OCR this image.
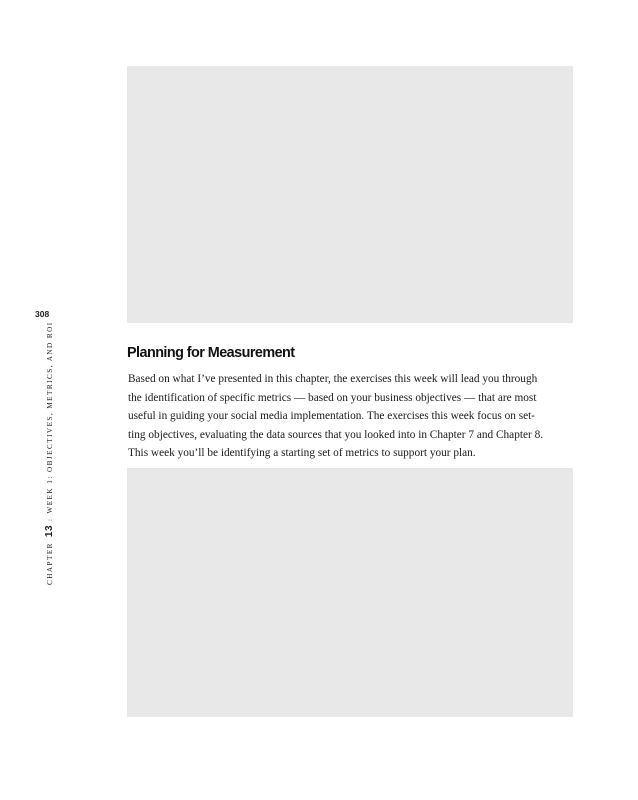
308
CHAPTER
13
:
WEEK 1: OBJECTIVES, METRICS, AND ROI	Planning for Measurement

Based on what I’ve presented in this chapter, the exercises this week will lead you through
the identification of specific metrics — based on your business objectives — that are most
useful in guiding your social media implementation. The exercises this week focus on set-
ting objectives, evaluating the data sources that you looked into in Chapter 7 and Chapter 8.
This week you’ll be identifying a starting set of metrics to support your plan.
